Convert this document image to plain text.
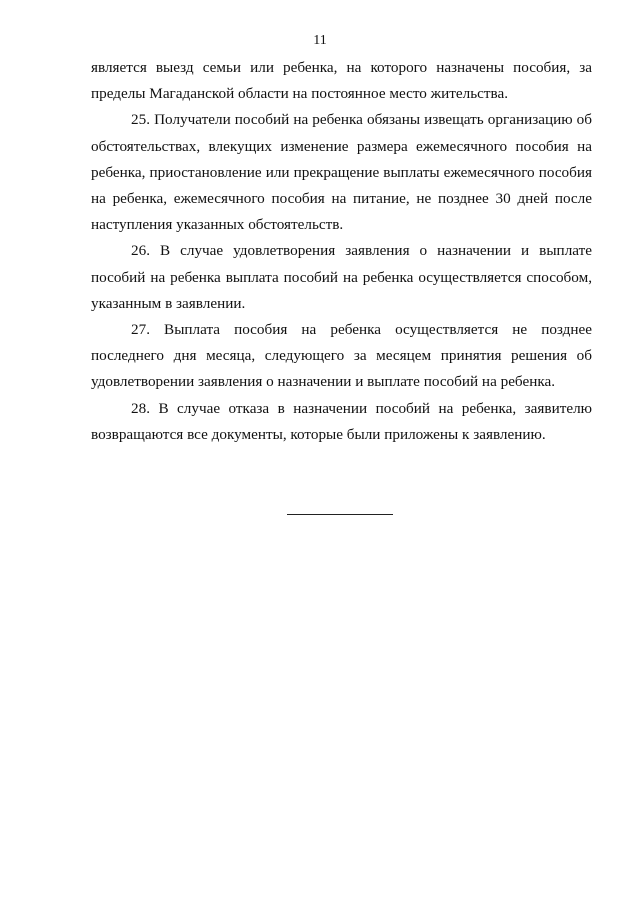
11

является выезд семьи или ребенка, на которого назначены пособия, за пределы Магаданской области на постоянное место жительства.

25. Получатели пособий на ребенка обязаны извещать организацию об обстоятельствах, влекущих изменение размера ежемесячного пособия на ребенка, приостановление или прекращение выплаты ежемесячного пособия на ребенка, ежемесячного пособия на питание, не позднее 30 дней после наступления указанных обстоятельств.

26. В случае удовлетворения заявления о назначении и выплате пособий на ребенка выплата пособий на ребенка осуществляется способом, указанным в заявлении.

27. Выплата пособия на ребенка осуществляется не позднее последнего дня месяца, следующего за месяцем принятия решения об удовлетворении заявления о назначении и выплате пособий на ребенка.

28. В случае отказа в назначении пособий на ребенка, заявителю возвращаются все документы, которые были приложены к заявлению.
